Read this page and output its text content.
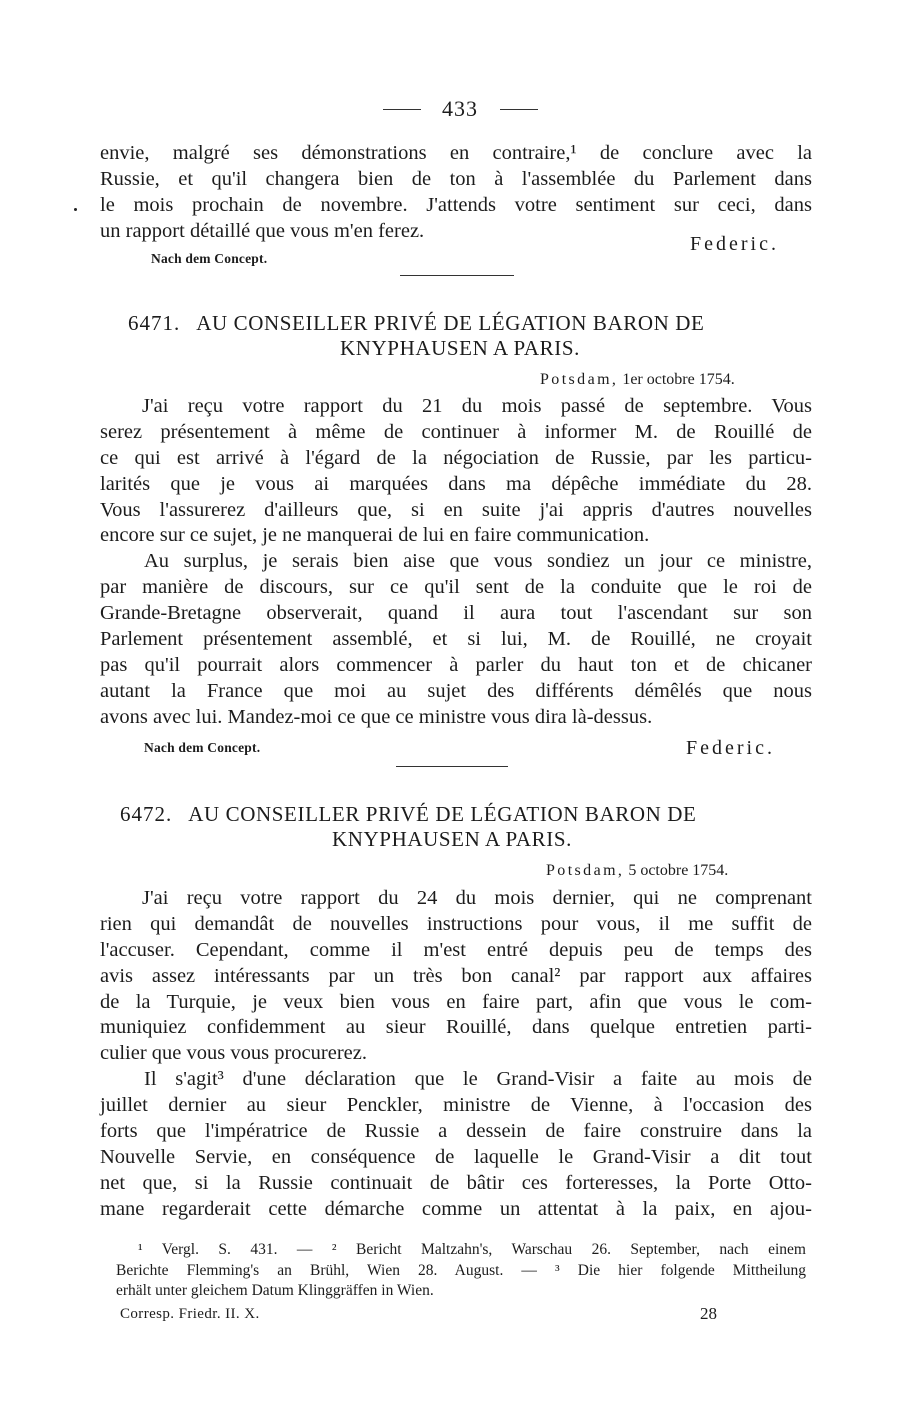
433
envie, malgré ses démonstrations en contraire,¹ de conclure avec la
Russie, et qu'il changera bien de ton à l'assemblée du Parlement dans
le mois prochain de novembre. J'attends votre sentiment sur ceci, dans
un rapport détaillé que vous m'en ferez.
Federic.
Nach dem Concept.
6471. AU CONSEILLER PRIVÉ DE LÉGATION BARON DE
KNYPHAUSEN A PARIS.
Potsdam, 1er octobre 1754.
J'ai reçu votre rapport du 21 du mois passé de septembre. Vous
serez présentement à même de continuer à informer M. de Rouillé de
ce qui est arrivé à l'égard de la négociation de Russie, par les particu-
larités que je vous ai marquées dans ma dépêche immédiate du 28.
Vous l'assurerez d'ailleurs que, si en suite j'ai appris d'autres nouvelles
encore sur ce sujet, je ne manquerai de lui en faire communication.
Au surplus, je serais bien aise que vous sondiez un jour ce ministre,
par manière de discours, sur ce qu'il sent de la conduite que le roi de
Grande-Bretagne observerait, quand il aura tout l'ascendant sur son
Parlement présentement assemblé, et si lui, M. de Rouillé, ne croyait
pas qu'il pourrait alors commencer à parler du haut ton et de chicaner
autant la France que moi au sujet des différents démêlés que nous
avons avec lui. Mandez-moi ce que ce ministre vous dira là-dessus.
Nach dem Concept.	Federic.
6472. AU CONSEILLER PRIVÉ DE LÉGATION BARON DE
KNYPHAUSEN A PARIS.
Potsdam, 5 octobre 1754.
J'ai reçu votre rapport du 24 du mois dernier, qui ne comprenant
rien qui demandât de nouvelles instructions pour vous, il me suffit de
l'accuser. Cependant, comme il m'est entré depuis peu de temps des
avis assez intéressants par un très bon canal² par rapport aux affaires
de la Turquie, je veux bien vous en faire part, afin que vous le com-
muniquiez confidemment au sieur Rouillé, dans quelque entretien parti-
culier que vous vous procurerez.
Il s'agit³ d'une déclaration que le Grand-Visir a faite au mois de
juillet dernier au sieur Penckler, ministre de Vienne, à l'occasion des
forts que l'impératrice de Russie a dessein de faire construire dans la
Nouvelle Servie, en conséquence de laquelle le Grand-Visir a dit tout
net que, si la Russie continuait de bâtir ces forteresses, la Porte Otto-
mane regarderait cette démarche comme un attentat à la paix, en ajou-
¹ Vergl. S. 431. — ² Bericht Maltzahn's, Warschau 26. September, nach einem
Berichte Flemming's an Brühl, Wien 28. August. — ³ Die hier folgende Mittheilung
erhält unter gleichem Datum Klinggräffen in Wien.
Corresp. Friedr. II. X.	28
